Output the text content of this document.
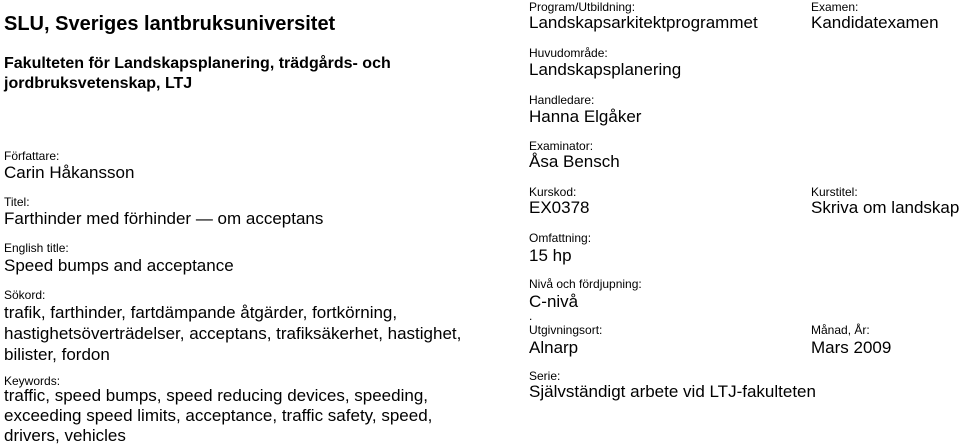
SLU, Sveriges lantbruksuniversitet
Fakulteten för Landskapsplanering, trädgårds- och jordbruksvetenskap, LTJ
Författare:
Carin Håkansson
Titel:
Farthinder med förhinder — om acceptans
English title:
Speed bumps and acceptance
Sökord:
trafik, farthinder, fartdämpande åtgärder, fortkörning, hastighetsöverträdelser, acceptans, trafiksäkerhet, hastighet, bilister, fordon
Keywords:
traffic, speed bumps, speed reducing devices, speeding, exceeding speed limits, acceptance, traffic safety, speed, drivers, vehicles
Program/Utbildning:
Landskapsarkitektprogrammet
Examen:
Kandidatexamen
Huvudområde:
Landskapsplanering
Handledare:
Hanna Elgåker
Examinator:
Åsa Bensch
Kurskod:
EX0378
Kurstitel:
Skriva om landskap
Omfattning:
15 hp
Nivå och fördjupning:
C-nivå
.
Utgivningsort:
Alnarp
Månad, År:
Mars 2009
Serie:
Självständigt arbete vid LTJ-fakulteten
